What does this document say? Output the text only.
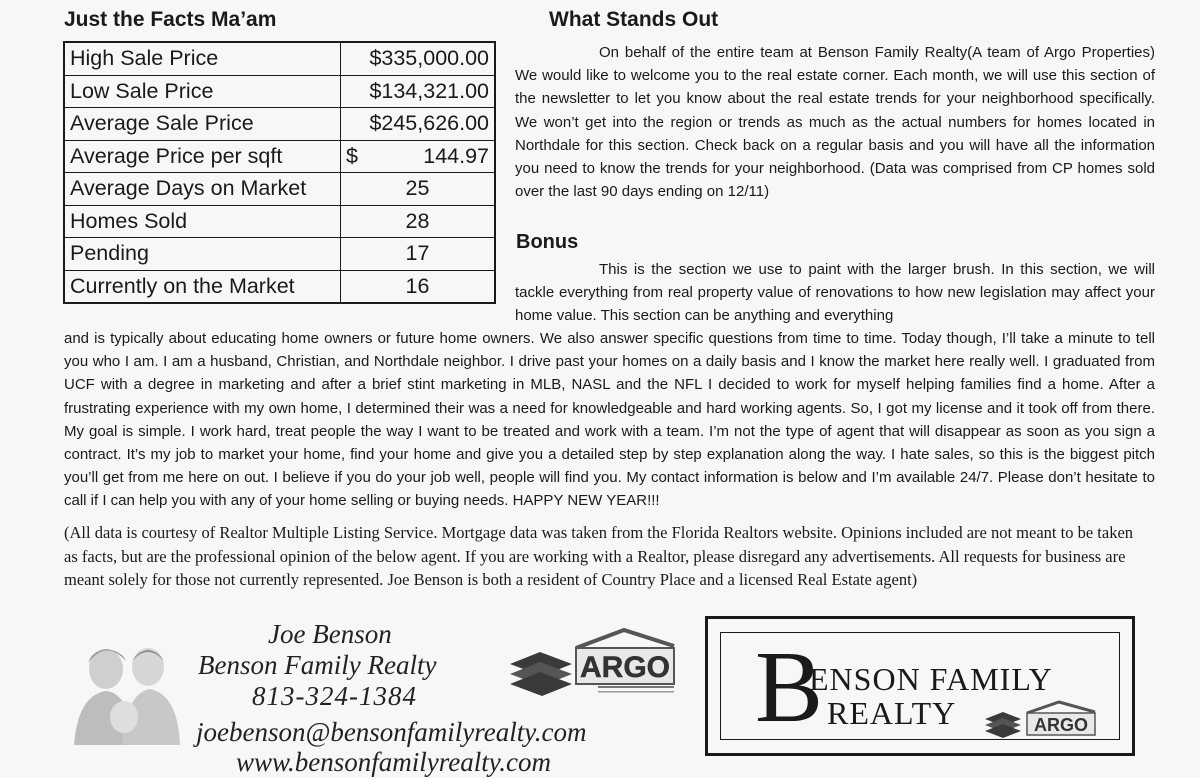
Just the Facts Ma’am
High Sale Price	$335,000.00
Low Sale Price	$134,321.00
Average Sale Price	$245,626.00
Average Price per sqft	$ 144.97
Average Days on Market	25
Homes Sold	28
Pending	17
Currently on the Market	16
What Stands Out

On behalf of the entire team at Benson Family Realty(A team of Argo Properties) We would like to welcome you to the real estate corner. Each month, we will use this section of the newsletter to let you know about the real estate trends for your neighborhood specifically. We won’t get into the region or trends as much as the actual numbers for homes located in Northdale for this section. Check back on a regular basis and you will have all the information you need to know the trends for your neighborhood. (Data was comprised from CP homes sold over the last 90 days ending on 12/11)

Bonus

This is the section we use to paint with the larger brush. In this section, we will tackle everything from real property value of renovations to how new legislation may affect your home value. This section can be anything and everything

and is typically about educating home owners or future home owners. We also answer specific questions from time to time. Today though, I’ll take a minute to tell you who I am. I am a husband, Christian, and Northdale neighbor. I drive past your homes on a daily basis and I know the market here really well. I graduated from UCF with a degree in marketing and after a brief stint marketing in MLB, NASL and the NFL I decided to work for myself helping families find a home. After a frustrating experience with my own home, I determined their was a need for knowledgeable and hard working agents. So, I got my license and it took off from there. My goal is simple. I work hard, treat people the way I want to be treated and work with a team. I’m not the type of agent that will disappear as soon as you sign a contract. It’s my job to market your home, find your home and give you a detailed step by step explanation along the way. I hate sales, so this is the biggest pitch you’ll get from me here on out. I believe if you do your job well, people will find you. My contact information is below and I’m available 24/7. Please don’t hesitate to call if I can help you with any of your home selling or buying needs. HAPPY NEW YEAR!!!

(All data is courtesy of Realtor Multiple Listing Service. Mortgage data was taken from the Florida Realtors website. Opinions included are not meant to be taken as facts, but are the professional opinion of the below agent. If you are working with a Realtor, please disregard any advertisements. All requests for business are meant solely for those not currently represented. Joe Benson is both a resident of Country Place and a licensed Real Estate agent)

Joe Benson
Benson Family Realty
813-324-1384
joebenson@bensonfamilyrealty.com
www.bensonfamilyrealty.com
ARGO B
ENSON FAMILY
REALTY	ARGO
